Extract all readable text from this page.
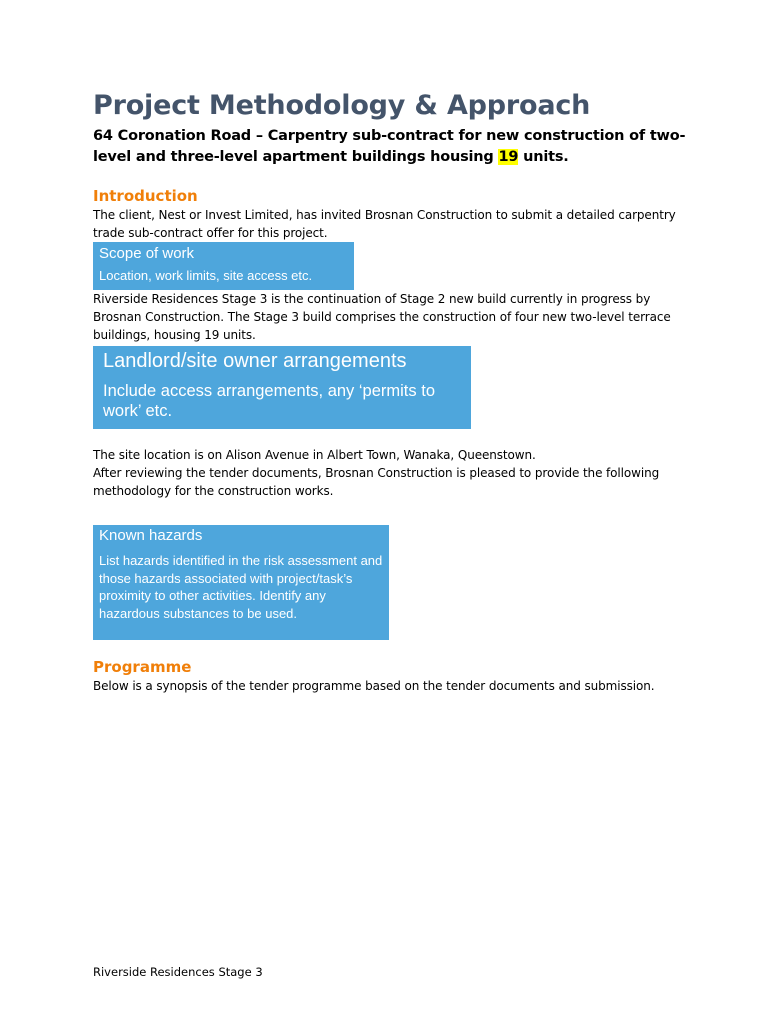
Project Methodology & Approach

64 Coronation Road – Carpentry sub-contract for new construction of two-level and three-level apartment buildings housing 19 units.

Introduction

The client, Nest or Invest Limited, has invited Brosnan Construction to submit a detailed carpentry trade sub-contract offer for this project.

Scope of work
Location, work limits, site access etc.

Riverside Residences Stage 3 is the continuation of Stage 2 new build currently in progress by Brosnan Construction. The Stage 3 build comprises the construction of four new two-level terrace buildings, housing 19 units.

Landlord/site owner arrangements
Include access arrangements, any ‘permits to work’ etc.

The site location is on Alison Avenue in Albert Town, Wanaka, Queenstown.

After reviewing the tender documents, Brosnan Construction is pleased to provide the following methodology for the construction works.

Known hazards
List hazards identified in the risk assessment and those hazards associated with project/task’s proximity to other activities. Identify any hazardous substances to be used.
Programme

Below is a synopsis of the tender programme based on the tender documents and submission.

Riverside Residences Stage 3
